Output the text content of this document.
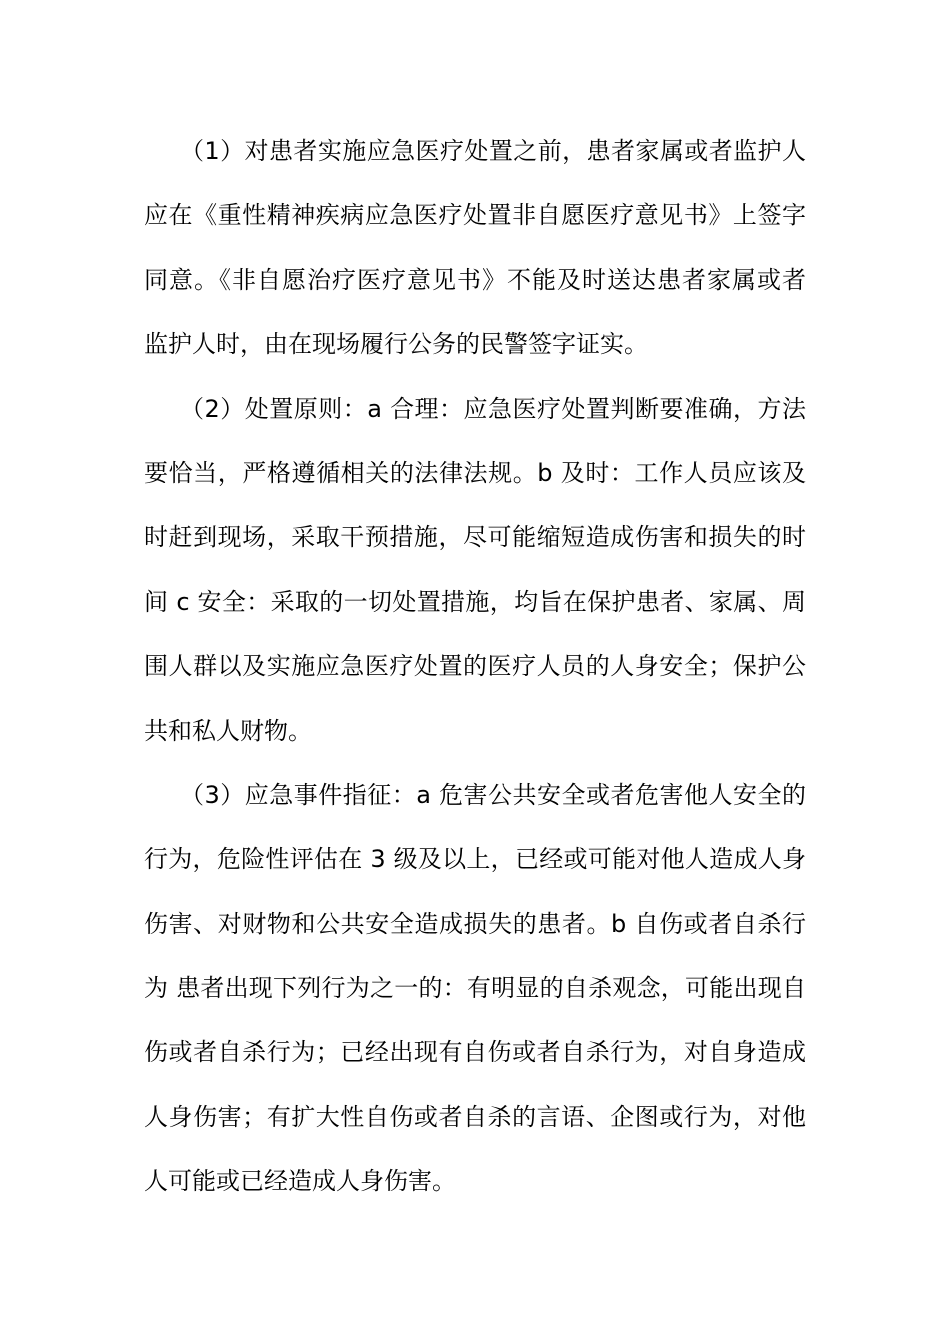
（1）对患者实施应急医疗处置之前，患者家属或者监护人
应在《重性精神疾病应急医疗处置非自愿医疗意见书》上签字
同意。《非自愿治疗医疗意见书》不能及时送达患者家属或者
监护人时，由在现场履行公务的民警签字证实。
（2）处置原则：a 合理：应急医疗处置判断要准确，方法
要恰当，严格遵循相关的法律法规。b 及时：工作人员应该及
时赶到现场，采取干预措施，尽可能缩短造成伤害和损失的时
间 c 安全：采取的一切处置措施，均旨在保护患者、家属、周
围人群以及实施应急医疗处置的医疗人员的人身安全；保护公
共和私人财物。
（3）应急事件指征：a 危害公共安全或者危害他人安全的
行为，危险性评估在 3 级及以上，已经或可能对他人造成人身
伤害、对财物和公共安全造成损失的患者。b 自伤或者自杀行
为 患者出现下列行为之一的：有明显的自杀观念，可能出现自
伤或者自杀行为；已经出现有自伤或者自杀行为，对自身造成
人身伤害；有扩大性自伤或者自杀的言语、企图或行为，对他
人可能或已经造成人身伤害。
